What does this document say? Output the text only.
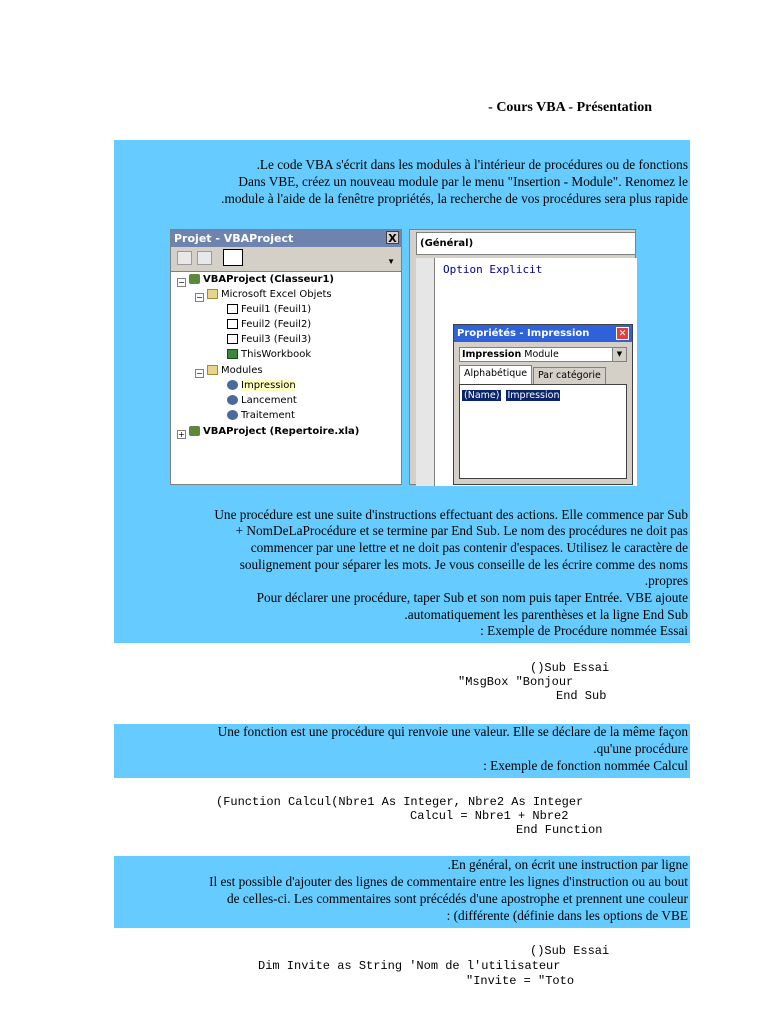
- Cours VBA - Présentation
.Le code VBA s'écrit dans les modules à l'intérieur de procédures ou de fonctions
Dans VBE, créez un nouveau module par le menu "Insertion - Module". Renomez le
.module à l'aide de la fenêtre propriétés, la recherche de vos procédures sera plus rapide
Projet - VBAProject	X
▼
−	VBAProject (Classeur1)
−	Microsoft Excel Objets
Feuil1 (Feuil1)
Feuil2 (Feuil2)
Feuil3 (Feuil3)
ThisWorkbook
−	Modules
Impression
Lancement
Traitement
+	VBAProject (Repertoire.xla)
(Général)
Option Explicit
Propriétés - Impression	✕
Impression Module	▼
Alphabétique	Par catégorie
(Name) Impression
Une procédure est une suite d'instructions effectuant des actions. Elle commence par Sub
+ NomDeLaProcédure et se termine par End Sub. Le nom des procédures ne doit pas
commencer par une lettre et ne doit pas contenir d'espaces. Utilisez le caractère de
soulignement pour séparer les mots. Je vous conseille de les écrire comme des noms
.propres
Pour déclarer une procédure, taper Sub et son nom puis taper Entrée. VBE ajoute
.automatiquement les parenthèses et la ligne End Sub
: Exemple de Procédure nommée Essai
()Sub Essai
"MsgBox "Bonjour
End Sub
Une fonction est une procédure qui renvoie une valeur. Elle se déclare de la même façon
.qu'une procédure
: Exemple de fonction nommée Calcul
(Function Calcul(Nbre1 As Integer, Nbre2 As Integer
Calcul = Nbre1 + Nbre2
End Function
.En général, on écrit une instruction par ligne
Il est possible d'ajouter des lignes de commentaire entre les lignes d'instruction ou au bout
de celles-ci. Les commentaires sont précédés d'une apostrophe et prennent une couleur
: (différente (définie dans les options de VBE
()Sub Essai
Dim Invite as String 'Nom de l'utilisateur
"Invite = "Toto
